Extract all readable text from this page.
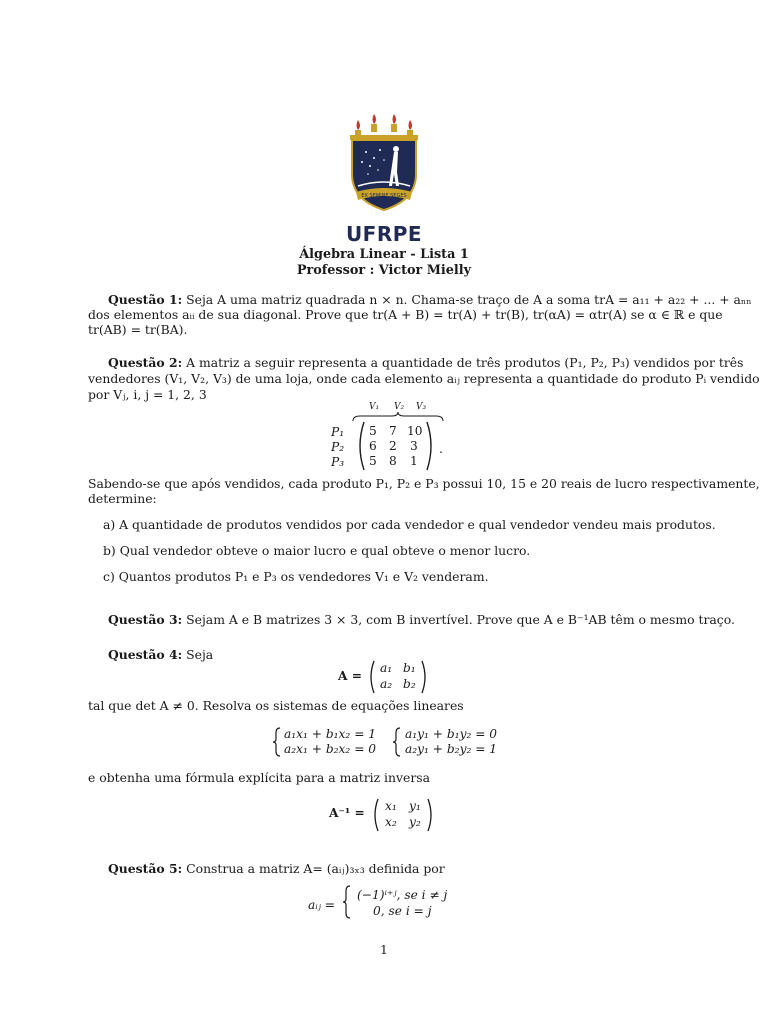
EX SEMINE SEGES
UFRPE
Álgebra Linear - Lista 1
Professor : Victor Mielly
Questão 1: Seja A uma matriz quadrada n × n. Chama-se traço de A a soma trA = a₁₁ + a₂₂ + ... + aₙₙ
dos elementos aᵢᵢ de sua diagonal. Prove que tr(A + B) = tr(A) + tr(B), tr(αA) = αtr(A) se α ∈ ℝ e que
tr(AB) = tr(BA).
Questão 2: A matriz a seguir representa a quantidade de três produtos (P₁, P₂, P₃) vendidos por três
vendedores (V₁, V₂, V₃) de uma loja, onde cada elemento aᵢⱼ representa a quantidade do produto Pᵢ vendido
por Vⱼ, i, j = 1, 2, 3
V₁ V₂ V₃
P₁
P₂
P₃
5 7 10
6 2 3
5 8 1
.
Sabendo-se que após vendidos, cada produto P₁, P₂ e P₃ possui 10, 15 e 20 reais de lucro respectivamente,
determine:
a) A quantidade de produtos vendidos por cada vendedor e qual vendedor vendeu mais produtos.
b) Qual vendedor obteve o maior lucro e qual obteve o menor lucro.
c) Quantos produtos P₁ e P₃ os vendedores V₁ e V₂ venderam.
Questão 3: Sejam A e B matrizes 3 × 3, com B invertível. Prove que A e B⁻¹AB têm o mesmo traço.
Questão 4: Seja
A =
a₁ b₁
a₂ b₂
tal que det A ≠ 0. Resolva os sistemas de equações lineares
a₁x₁ + b₁x₂ = 1
a₂x₁ + b₂x₂ = 0
a₁y₁ + b₁y₂ = 0
a₂y₁ + b₂y₂ = 1
e obtenha uma fórmula explícita para a matriz inversa
A⁻¹ = x₁ y₁
x₂ y₂
Questão 5: Construa a matriz A= (aᵢⱼ)₃ₓ₃ definida por
aᵢⱼ =
(−1)ⁱ⁺ʲ, se i ≠ j
0, se i = j
1
